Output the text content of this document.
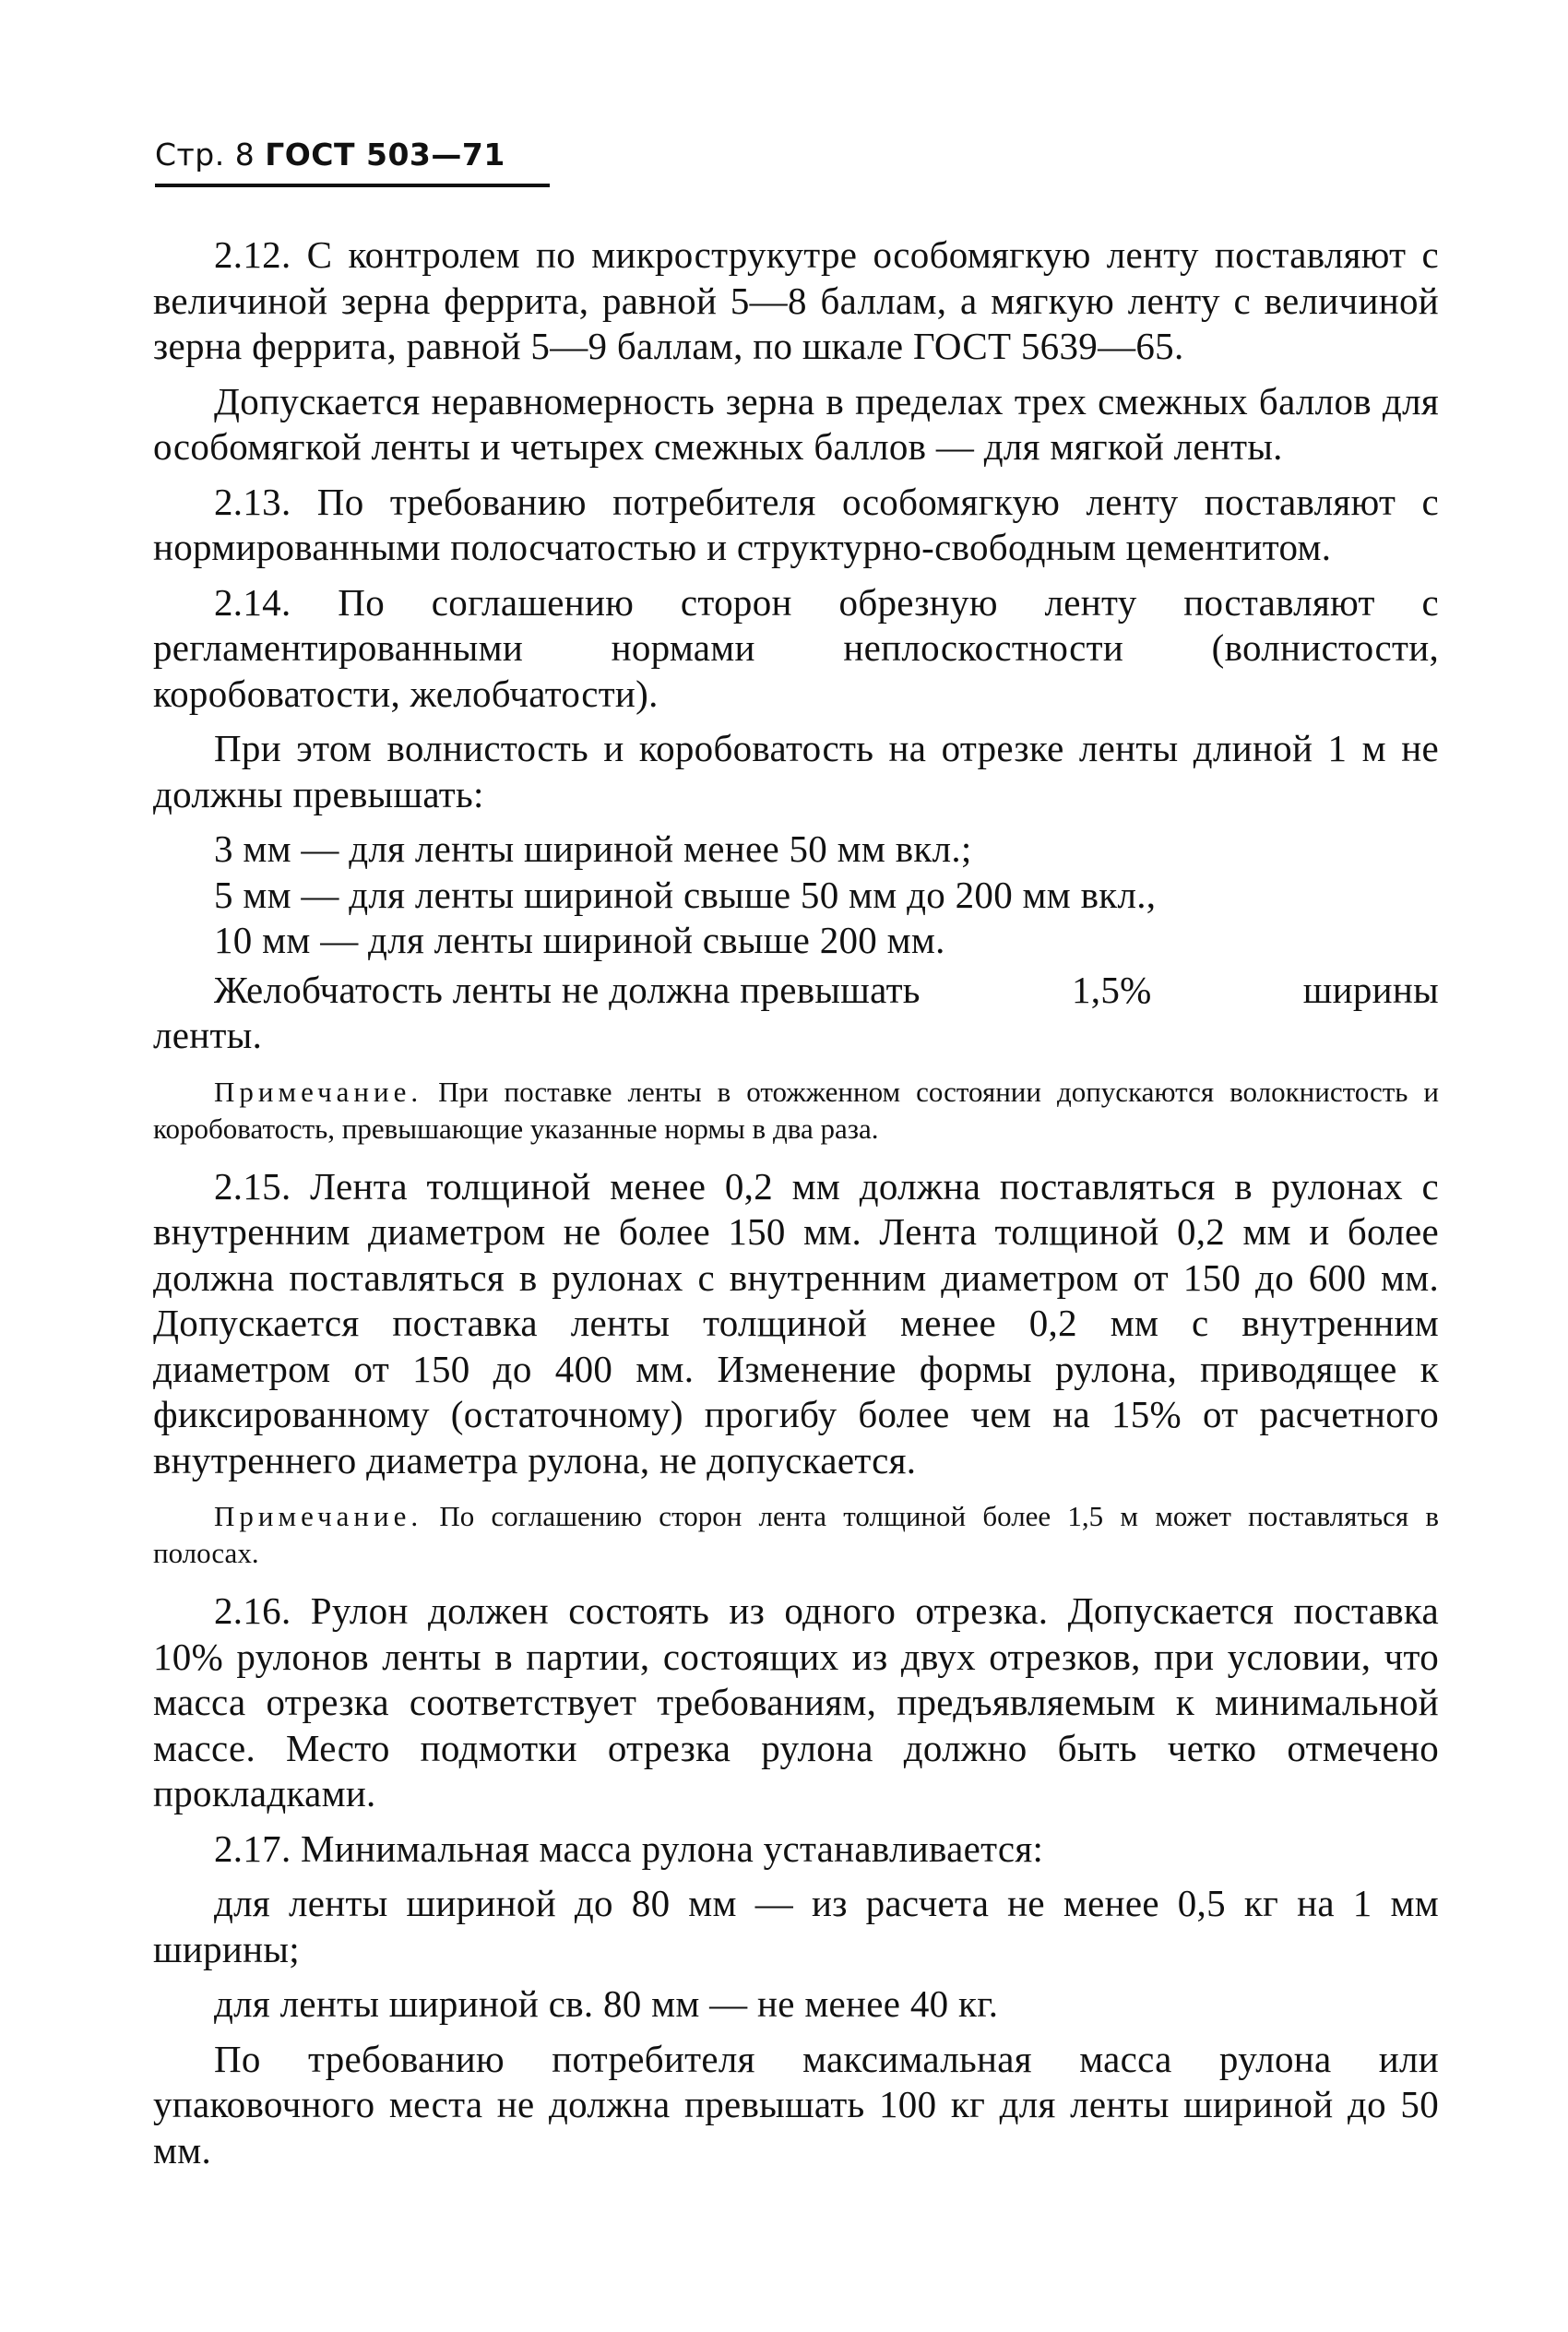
Стр. 8 ГОСТ 503—71

2.12. С контролем по микрострукутре особомягкую ленту поставляют с величиной зерна феррита, равной 5—8 баллам, а мягкую ленту с величиной зерна феррита, равной 5—9 баллам, по шкале ГОСТ 5639—65.

Допускается неравномерность зерна в пределах трех смежных баллов для особомягкой ленты и четырех смежных баллов — для мягкой ленты.

2.13. По требованию потребителя особомягкую ленту поставляют с нормированными полосчатостью и структурно-свободным цементитом.

2.14. По соглашению сторон обрезную ленту поставляют с регламентированными нормами неплоскостности (волнистости, коробоватости, желобчатости).

При этом волнистость и коробоватость на отрезке ленты длиной 1 м не должны превышать:

3 мм — для ленты шириной менее 50 мм вкл.;

5 мм — для ленты шириной свыше 50 мм до 200 мм вкл.,

10 мм — для ленты шириной свыше 200 мм.

Желобчатость ленты не должна превышать	1,5%	ширины

ленты.

Примечание. При поставке ленты в отожженном состоянии допускаются волокнистость и коробоватость, превышающие указанные нормы в два раза.

2.15. Лента толщиной менее 0,2 мм должна поставляться в рулонах с внутренним диаметром не более 150 мм. Лента толщиной 0,2 мм и более должна поставляться в рулонах с внутренним диаметром от 150 до 600 мм. Допускается поставка ленты толщиной менее 0,2 мм с внутренним диаметром от 150 до 400 мм. Изменение формы рулона, приводящее к фиксированному (остаточному) прогибу более чем на 15% от расчетного внутреннего диаметра рулона, не допускается.

Примечание. По соглашению сторон лента толщиной более 1,5 м может поставляться в полосах.

2.16. Рулон должен состоять из одного отрезка. Допускается поставка 10% рулонов ленты в партии, состоящих из двух отрезков, при условии, что масса отрезка соответствует требованиям, предъявляемым к минимальной массе. Место подмотки отрезка рулона должно быть четко отмечено прокладками.

2.17. Минимальная масса рулона устанавливается:

для ленты шириной до 80 мм — из расчета не менее 0,5 кг на 1 мм ширины;

для ленты шириной св. 80 мм — не менее 40 кг.

По требованию потребителя максимальная масса рулона или упаковочного места не должна превышать 100 кг для ленты шириной до 50 мм.
